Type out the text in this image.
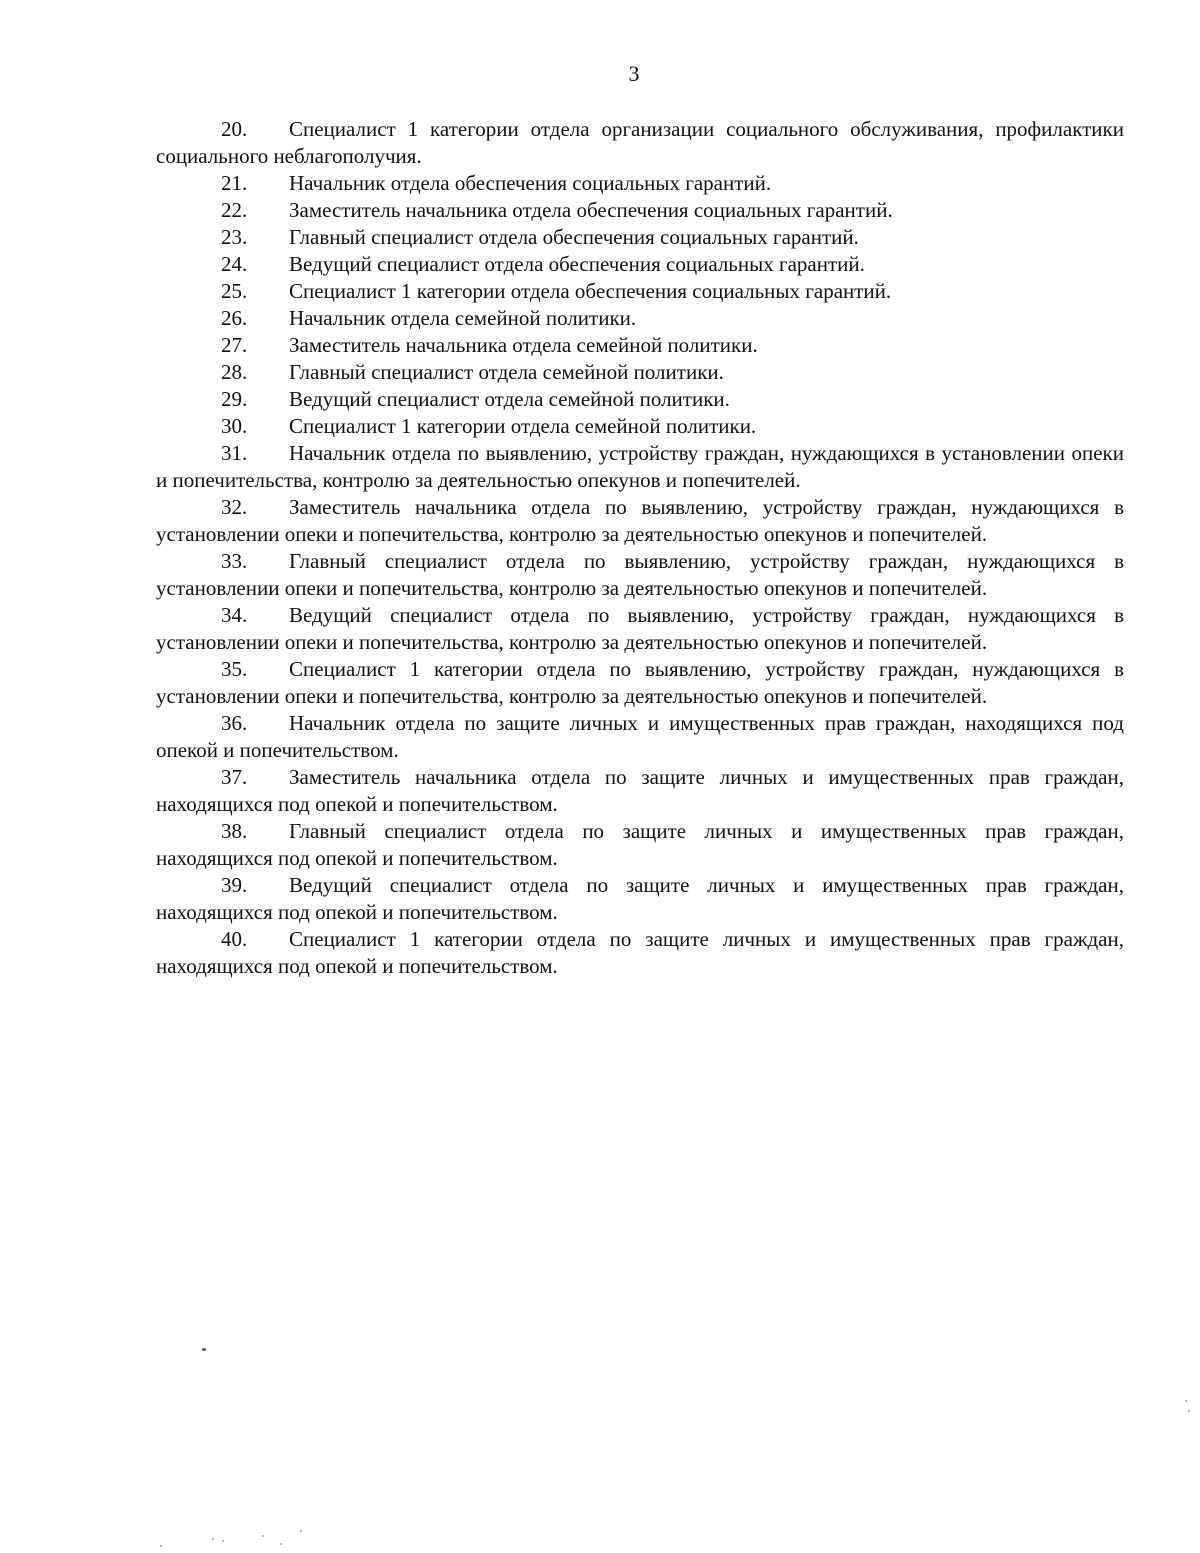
3

20. Специалист 1 категории отдела организации социального обслуживания, профилактики социального неблагополучия.

21. Начальник отдела обеспечения социальных гарантий.

22. Заместитель начальника отдела обеспечения социальных гарантий.

23. Главный специалист отдела обеспечения социальных гарантий.

24. Ведущий специалист отдела обеспечения социальных гарантий.

25. Специалист 1 категории отдела обеспечения социальных гарантий.

26. Начальник отдела семейной политики.

27. Заместитель начальника отдела семейной политики.

28. Главный специалист отдела семейной политики.

29. Ведущий специалист отдела семейной политики.

30. Специалист 1 категории отдела семейной политики.

31. Начальник отдела по выявлению, устройству граждан, нуждающихся в установлении опеки и попечительства, контролю за деятельностью опекунов и попечителей.

32. Заместитель начальника отдела по выявлению, устройству граждан, нуждающихся в установлении опеки и попечительства, контролю за деятельностью опекунов и попечителей.

33. Главный специалист отдела по выявлению, устройству граждан, нуждающихся в установлении опеки и попечительства, контролю за деятельностью опекунов и попечителей.

34. Ведущий специалист отдела по выявлению, устройству граждан, нуждающихся в установлении опеки и попечительства, контролю за деятельностью опекунов и попечителей.

35. Специалист 1 категории отдела по выявлению, устройству граждан, нуждающихся в установлении опеки и попечительства, контролю за деятельностью опекунов и попечителей.

36. Начальник отдела по защите личных и имущественных прав граждан, находящихся под опекой и попечительством.

37. Заместитель начальника отдела по защите личных и имущественных прав граждан, находящихся под опекой и попечительством.

38. Главный специалист отдела по защите личных и имущественных прав граждан, находящихся под опекой и попечительством.

39. Ведущий специалист отдела по защите личных и имущественных прав граждан, находящихся под опекой и попечительством.

40. Специалист 1 категории отдела по защите личных и имущественных прав граждан, находящихся под опекой и попечительством.
